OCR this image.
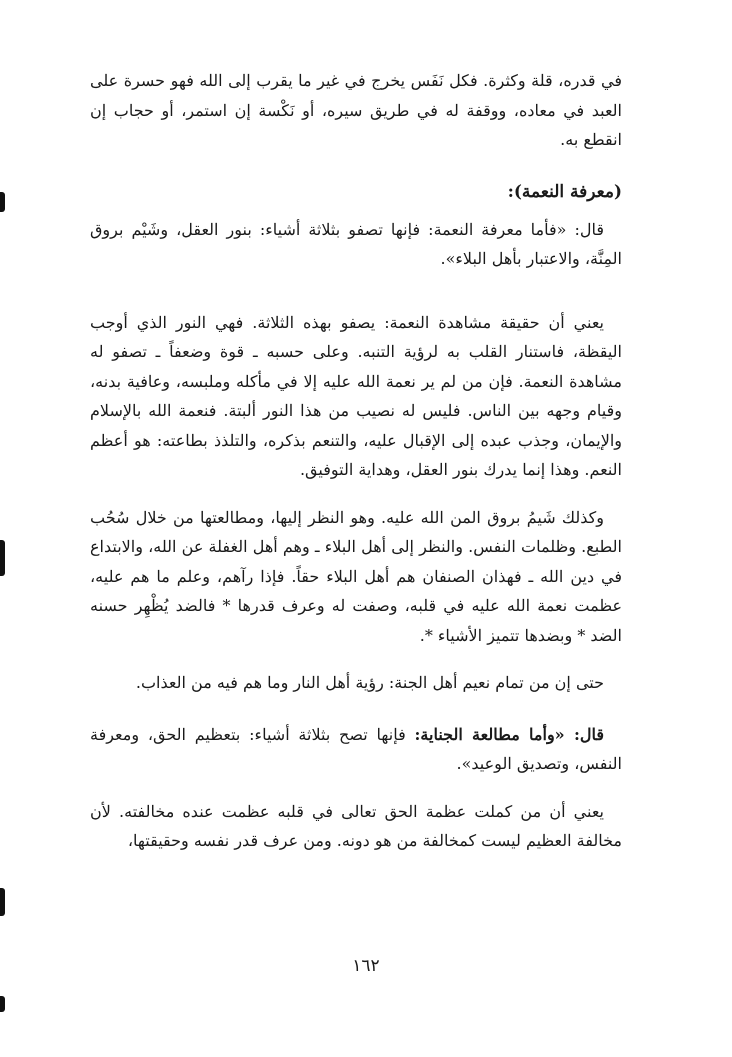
في قدره، قلة وكثرة. فكل نَفَس يخرج في غير ما يقرب إلى الله فهو حسرة على العبد في معاده، ووقفة له في طريق سيره، أو نَكْسة إن استمر، أو حجاب إن انقطع به.

(معرفة النعمة):

قال: «فأما معرفة النعمة: فإنها تصفو بثلاثة أشياء: بنور العقل، وشَيْم بروق المِنَّة، والاعتبار بأهل البلاء».

يعني أن حقيقة مشاهدة النعمة: يصفو بهذه الثلاثة. فهي النور الذي أوجب اليقظة، فاستنار القلب به لرؤية التنبه. وعلى حسبه ـ قوة وضعفاً ـ تصفو له مشاهدة النعمة. فإن من لم ير نعمة الله عليه إلا في مأكله وملبسه، وعافية بدنه، وقيام وجهه بين الناس. فليس له نصيب من هذا النور ألبتة. فنعمة الله بالإسلام والإيمان، وجذب عبده إلى الإقبال عليه، والتنعم بذكره، والتلذذ بطاعته: هو أعظم النعم. وهذا إنما يدرك بنور العقل، وهداية التوفيق.

وكذلك شَيمُ بروق المن الله عليه. وهو النظر إليها، ومطالعتها من خلال سُحُب الطبع. وظلمات النفس. والنظر إلى أهل البلاء ـ وهم أهل الغفلة عن الله، والابتداع في دين الله ـ فهذان الصنفان هم أهل البلاء حقاً. فإذا رآهم، وعلم ما هم عليه، عظمت نعمة الله عليه في قلبه، وصفت له وعرف قدرها * فالضد يُظْهِر حسنه الضد * وبضدها تتميز الأشياء *.

حتى إن من تمام نعيم أهل الجنة: رؤية أهل النار وما هم فيه من العذاب.

قال: «وأما مطالعة الجناية: فإنها تصح بثلاثة أشياء: بتعظيم الحق، ومعرفة النفس، وتصديق الوعيد».

يعني أن من كملت عظمة الحق تعالى في قلبه عظمت عنده مخالفته. لأن مخالفة العظيم ليست كمخالفة من هو دونه. ومن عرف قدر نفسه وحقيقتها،

١٦٢
